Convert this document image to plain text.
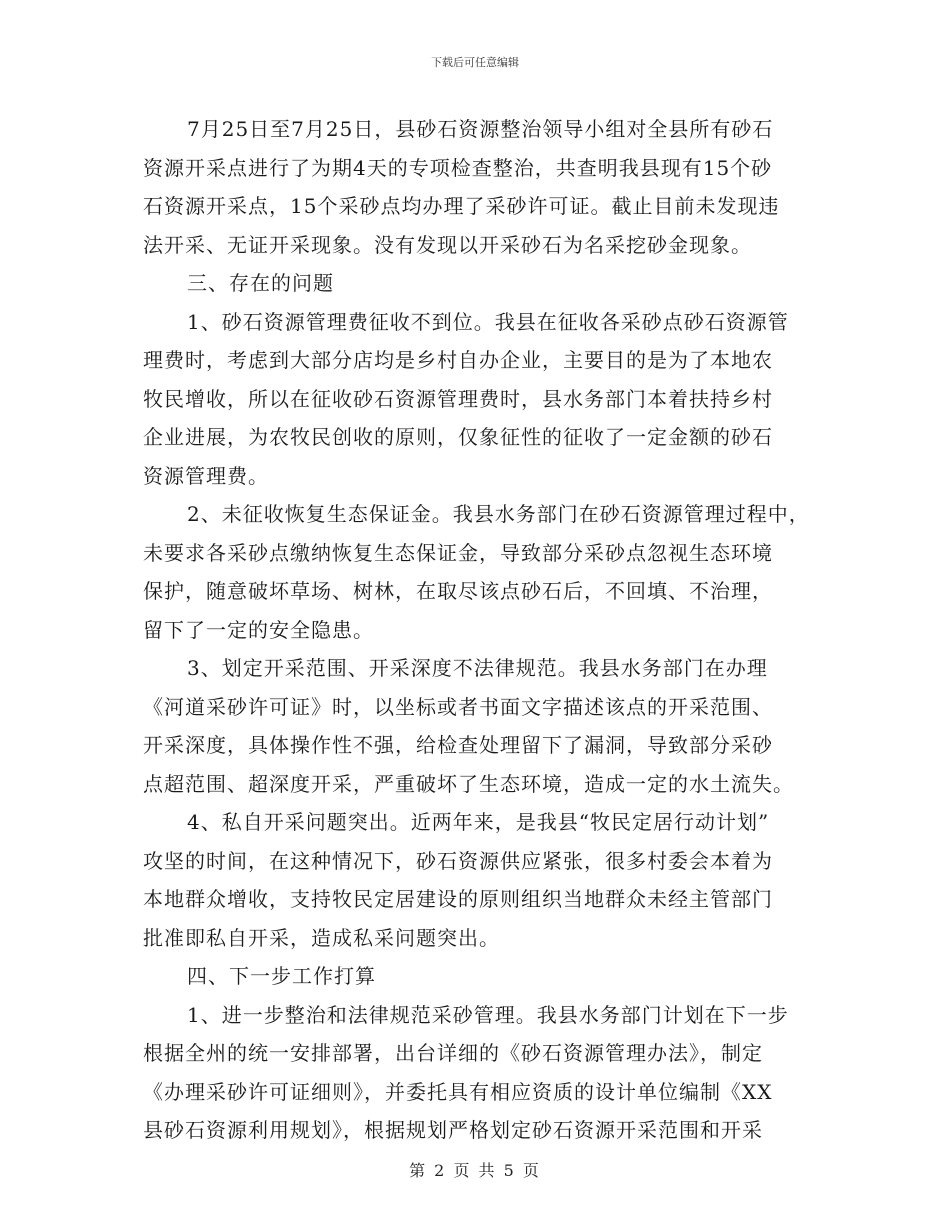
下载后可任意编辑
7月25日至7月25日，县砂石资源整治领导小组对全县所有砂石
资源开采点进行了为期4天的专项检查整治，共查明我县现有15个砂
石资源开采点，15个采砂点均办理了采砂许可证。截止目前未发现违
法开采、无证开采现象。没有发现以开采砂石为名采挖砂金现象。
三、存在的问题
1、砂石资源管理费征收不到位。我县在征收各采砂点砂石资源管
理费时，考虑到大部分店均是乡村自办企业，主要目的是为了本地农
牧民增收，所以在征收砂石资源管理费时，县水务部门本着扶持乡村
企业进展，为农牧民创收的原则，仅象征性的征收了一定金额的砂石
资源管理费。
2、未征收恢复生态保证金。我县水务部门在砂石资源管理过程中，
未要求各采砂点缴纳恢复生态保证金，导致部分采砂点忽视生态环境
保护，随意破坏草场、树林，在取尽该点砂石后，不回填、不治理，
留下了一定的安全隐患。
3、划定开采范围、开采深度不法律规范。我县水务部门在办理
《河道采砂许可证》时，以坐标或者书面文字描述该点的开采范围、
开采深度，具体操作性不强，给检查处理留下了漏洞，导致部分采砂
点超范围、超深度开采，严重破坏了生态环境，造成一定的水土流失。
4、私自开采问题突出。近两年来，是我县“牧民定居行动计划”
攻坚的时间，在这种情况下，砂石资源供应紧张，很多村委会本着为
本地群众增收，支持牧民定居建设的原则组织当地群众未经主管部门
批准即私自开采，造成私采问题突出。
四、下一步工作打算
1、进一步整治和法律规范采砂管理。我县水务部门计划在下一步
根据全州的统一安排部署，出台详细的《砂石资源管理办法》，制定
《办理采砂许可证细则》，并委托具有相应资质的设计单位编制《XX
县砂石资源利用规划》，根据规划严格划定砂石资源开采范围和开采
第 2 页 共 5 页
